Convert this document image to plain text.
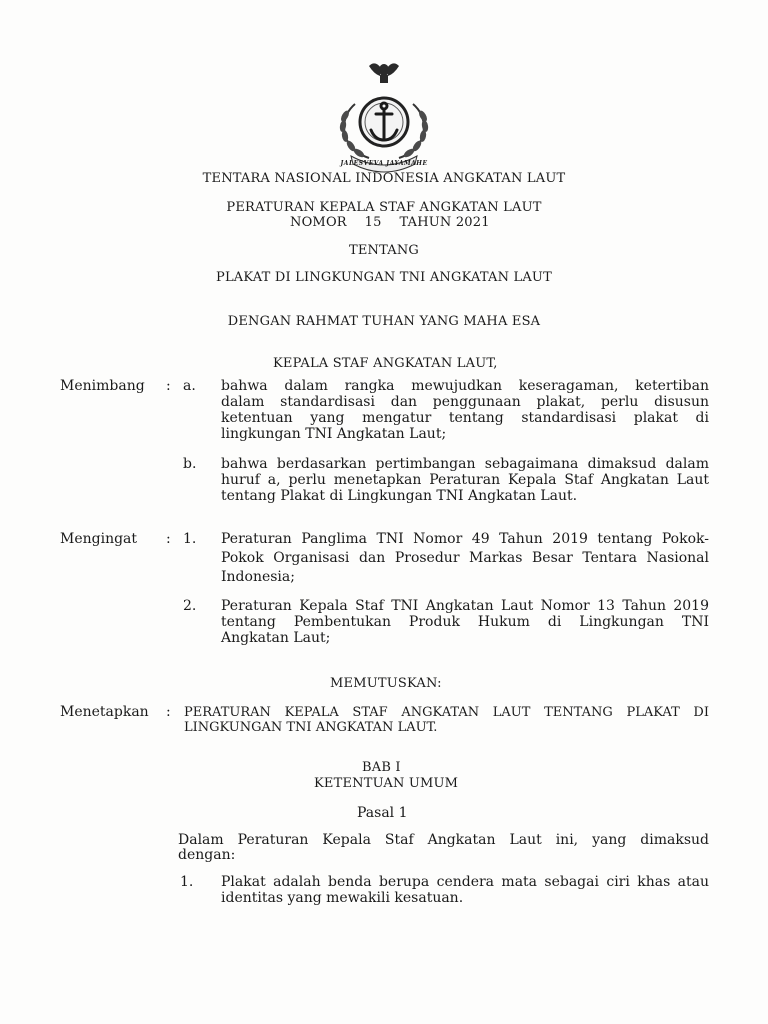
JALESVEVA JAYAMAHE
TENTARA NASIONAL INDONESIA ANGKATAN LAUT
PERATURAN KEPALA STAF ANGKATAN LAUT
NOMOR 15 TAHUN 2021
TENTANG
PLAKAT DI LINGKUNGAN TNI ANGKATAN LAUT
DENGAN RAHMAT TUHAN YANG MAHA ESA
KEPALA STAF ANGKATAN LAUT,
Menimbang : a. bahwa dalam rangka mewujudkan keseragaman, ketertiban
dalam standardisasi dan penggunaan plakat, perlu disusun
ketentuan yang mengatur tentang standardisasi plakat di
lingkungan TNI Angkatan Laut;
b. bahwa berdasarkan pertimbangan sebagaimana dimaksud dalam
huruf a, perlu menetapkan Peraturan Kepala Staf Angkatan Laut
tentang Plakat di Lingkungan TNI Angkatan Laut.
Mengingat : 1. Peraturan Panglima TNI Nomor 49 Tahun 2019 tentang Pokok-
Pokok Organisasi dan Prosedur Markas Besar Tentara Nasional
Indonesia;
2. Peraturan Kepala Staf TNI Angkatan Laut Nomor 13 Tahun 2019
tentang Pembentukan Produk Hukum di Lingkungan TNI
Angkatan Laut;
MEMUTUSKAN:
Menetapkan : PERATURAN KEPALA STAF ANGKATAN LAUT TENTANG PLAKAT DI
LINGKUNGAN TNI ANGKATAN LAUT.
BAB I
KETENTUAN UMUM
Pasal 1
Dalam Peraturan Kepala Staf Angkatan Laut ini, yang dimaksud
dengan:
1. Plakat adalah benda berupa cendera mata sebagai ciri khas atau
identitas yang mewakili kesatuan.
